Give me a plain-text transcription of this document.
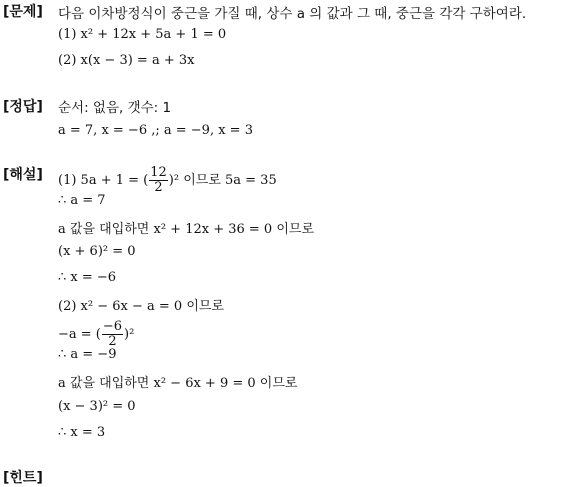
[문제] 다음 이차방정식이 중근을 가질 때, 상수 a 의 값과 그 때, 중근을 각각 구하여라.
(1) x² + 12x + 5a + 1 = 0
(2) x(x − 3) = a + 3x
[정답] 순서: 없음, 갯수: 1
a = 7, x = −6 ,; a = −9, x = 3
[해설] (1) 5a + 1 = ( $\frac{12}{2} )^2$ 이므로 5a = 35
∴ a = 7
a 값을 대입하면 x² + 12x + 36 = 0 이므로
(x + 6)² = 0
∴ x = −6
(2) x² − 6x − a = 0 이므로
−a = ( $\frac{-6}{2} )^2$
∴ a = −9
a 값을 대입하면 x² − 6x + 9 = 0 이므로
(x − 3)² = 0
∴ x = 3
[힌트]
